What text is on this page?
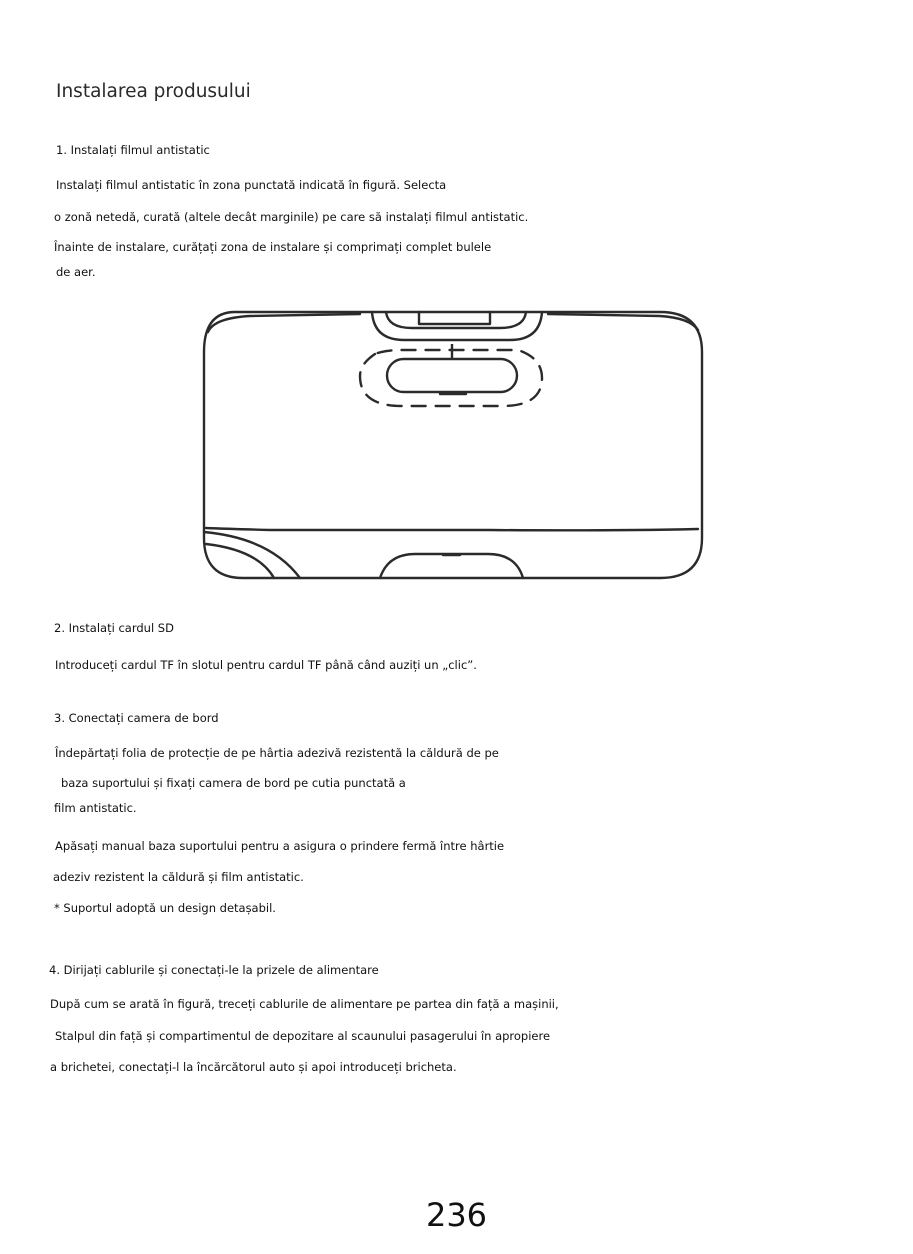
Instalarea produsului
1. Instalați filmul antistatic
Instalați filmul antistatic în zona punctată indicată în figură. Selecta
o zonă netedă, curată (altele decât marginile) pe care să instalați filmul antistatic.
Înainte de instalare, curățați zona de instalare și comprimați complet bulele
de aer.
2. Instalați cardul SD
Introduceți cardul TF în slotul pentru cardul TF până când auziți un „clic”.
3. Conectați camera de bord
Îndepărtați folia de protecție de pe hârtia adezivă rezistentă la căldură de pe
baza suportului și fixați camera de bord pe cutia punctată a
film antistatic.
Apăsați manual baza suportului pentru a asigura o prindere fermă între hârtie
adeziv rezistent la căldură și film antistatic.
* Suportul adoptă un design detașabil.
4. Dirijați cablurile și conectați-le la prizele de alimentare
După cum se arată în figură, treceți cablurile de alimentare pe partea din față a mașinii,
Stalpul din față și compartimentul de depozitare al scaunului pasagerului în apropiere
a brichetei, conectați-l la încărcătorul auto și apoi introduceți bricheta.
236
